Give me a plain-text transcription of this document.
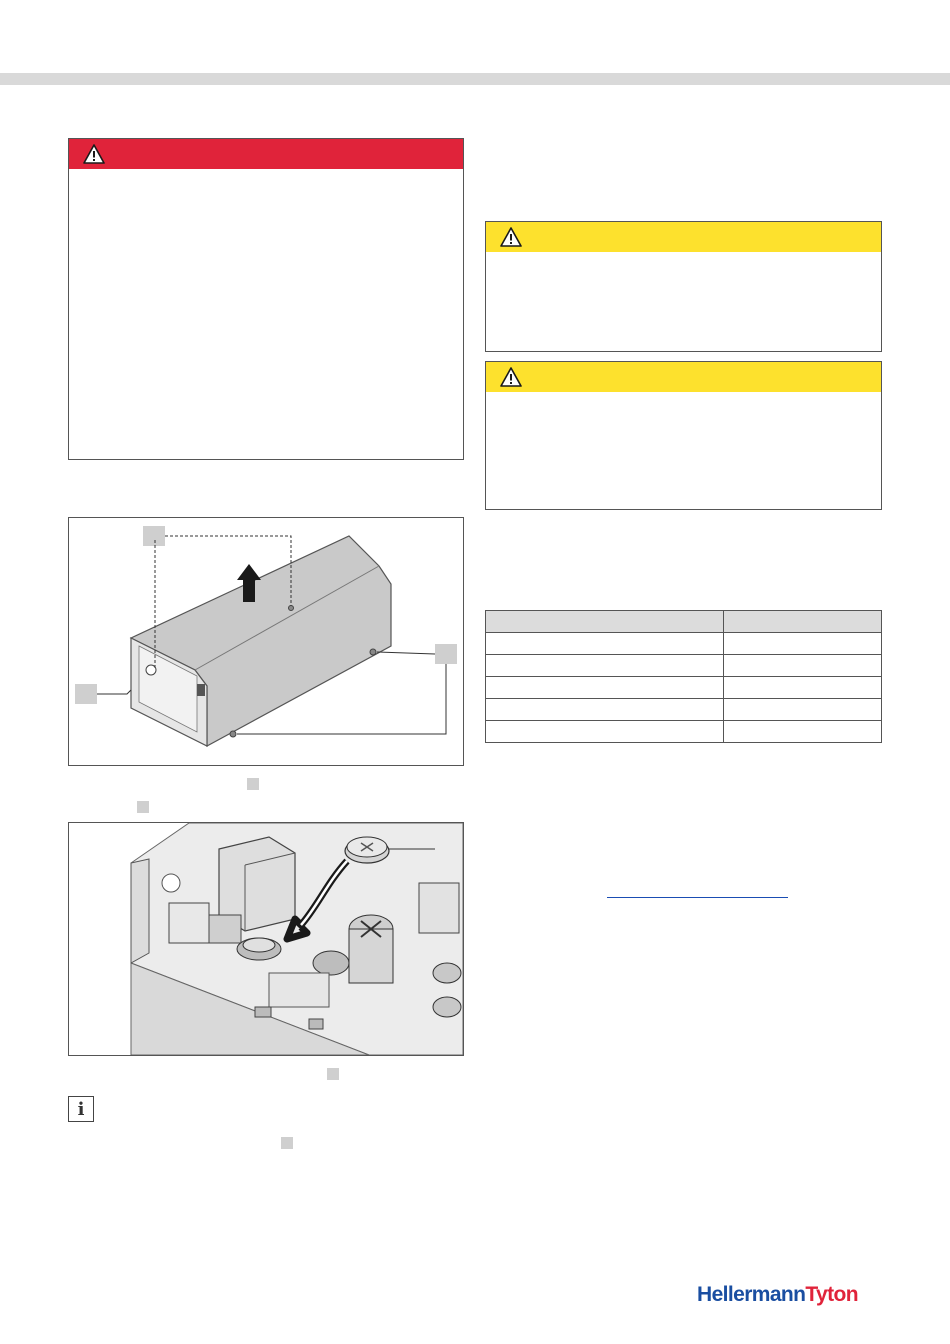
i

HellermannTyton
